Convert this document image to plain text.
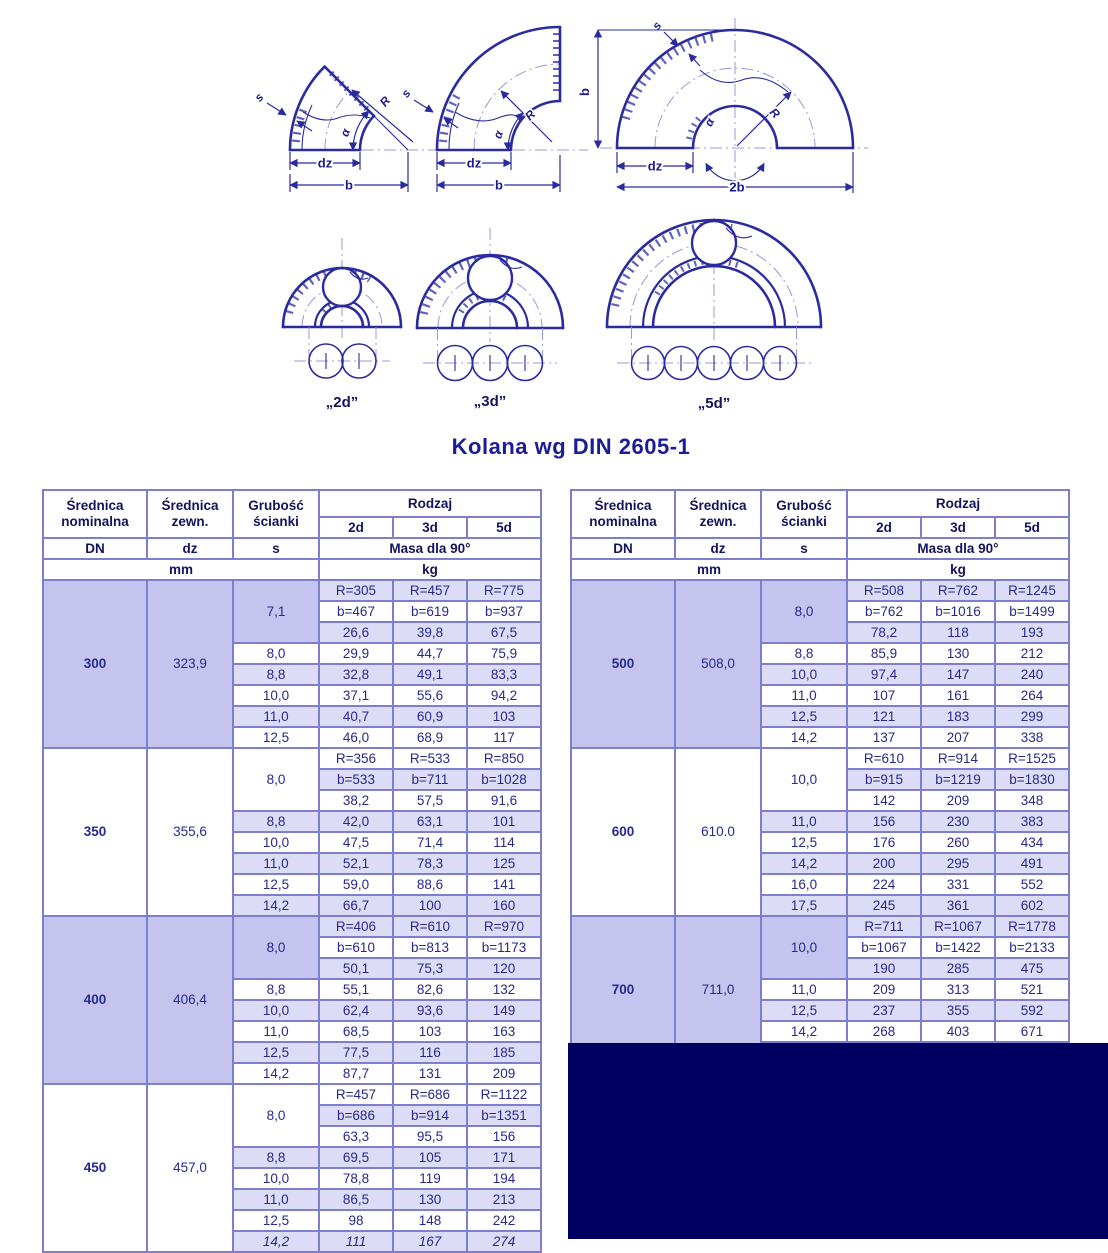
s	R
α
dz
b
s
R
α
dz
b
s
R
α
b
dz
2b
„2d”	„3d”	„5d”
Kolana wg DIN 2605-1
Średnica nominalna	Średnica zewn.	Grubość ścianki	Rodzaj		
			2d	3d	5d
DN	dz	s	Masa dla 90°		
mm			kg		
300	323,9	7,1	R=305	R=457	R=775
			b=467	b=619	b=937
			26,6	39,8	67,5
		8,0	29,9	44,7	75,9
		8,8	32,8	49,1	83,3
		10,0	37,1	55,6	94,2
		11,0	40,7	60,9	103
		12,5	46,0	68,9	117
350	355,6	8,0	R=356	R=533	R=850
			b=533	b=711	b=1028
			38,2	57,5	91,6
		8,8	42,0	63,1	101
		10,0	47,5	71,4	114
		11,0	52,1	78,3	125
		12,5	59,0	88,6	141
		14,2	66,7	100	160
400	406,4	8,0	R=406	R=610	R=970
			b=610	b=813	b=1173
			50,1	75,3	120
		8,8	55,1	82,6	132
		10,0	62,4	93,6	149
		11,0	68,5	103	163
		12,5	77,5	116	185
		14,2	87,7	131	209
450	457,0	8,0	R=457	R=686	R=1122
			b=686	b=914	b=1351
			63,3	95,5	156
		8,8	69,5	105	171
		10,0	78,8	119	194
		11,0	86,5	130	213
		12,5	98	148	242
		14,2	111	167	274
Średnica nominalna	Średnica zewn.	Grubość ścianki	Rodzaj		
			2d	3d	5d
DN	dz	s	Masa dla 90°		
mm			kg		
500	508,0	8,0	R=508	R=762	R=1245
			b=762	b=1016	b=1499
			78,2	118	193
		8,8	85,9	130	212
		10,0	97,4	147	240
		11,0	107	161	264
		12,5	121	183	299
		14,2	137	207	338
600	610.0	10,0	R=610	R=914	R=1525
			b=915	b=1219	b=1830
			142	209	348
		11,0	156	230	383
		12,5	176	260	434
		14,2	200	295	491
		16,0	224	331	552
		17,5	245	361	602
700	711,0	10,0	R=711	R=1067	R=1778
			b=1067	b=1422	b=2133
			190	285	475
		11,0	209	313	521
		12,5	237	355	592
		14,2	268	403	671
